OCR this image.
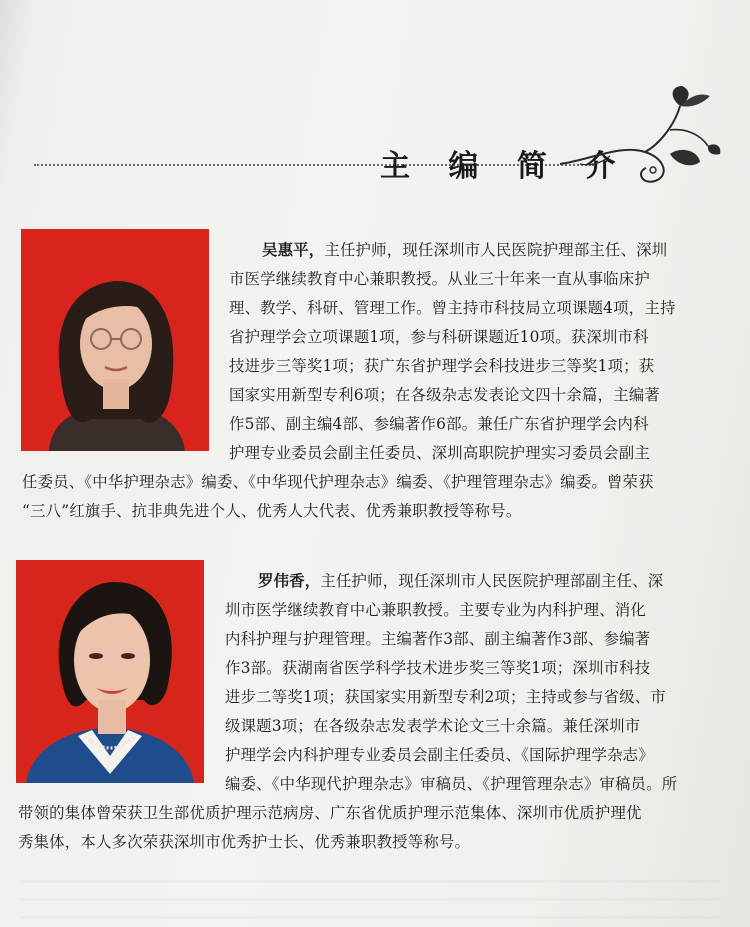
主 编 简 介
吴惠平，主任护师，现任深圳市人民医院护理部主任、深圳
市医学继续教育中心兼职教授。从业三十年来一直从事临床护
理、教学、科研、管理工作。曾主持市科技局立项课题4项，主持
省护理学会立项课题1项，参与科研课题近10项。获深圳市科
技进步三等奖1项；获广东省护理学会科技进步三等奖1项；获
国家实用新型专利6项；在各级杂志发表论文四十余篇，主编著
作5部、副主编4部、参编著作6部。兼任广东省护理学会内科
护理专业委员会副主任委员、深圳高职院护理实习委员会副主
任委员、《中华护理杂志》编委、《中华现代护理杂志》编委、《护理管理杂志》编委。曾荣获
“三八”红旗手、抗非典先进个人、优秀人大代表、优秀兼职教授等称号。
罗伟香，主任护师，现任深圳市人民医院护理部副主任、深
圳市医学继续教育中心兼职教授。主要专业为内科护理、消化
内科护理与护理管理。主编著作3部、副主编著作3部、参编著
作3部。获湖南省医学科学技术进步奖三等奖1项；深圳市科技
进步二等奖1项；获国家实用新型专利2项；主持或参与省级、市
级课题3项；在各级杂志发表学术论文三十余篇。兼任深圳市
护理学会内科护理专业委员会副主任委员、《国际护理学杂志》
编委、《中华现代护理杂志》审稿员、《护理管理杂志》审稿员。所
带领的集体曾荣获卫生部优质护理示范病房、广东省优质护理示范集体、深圳市优质护理优
秀集体，本人多次荣获深圳市优秀护士长、优秀兼职教授等称号。
